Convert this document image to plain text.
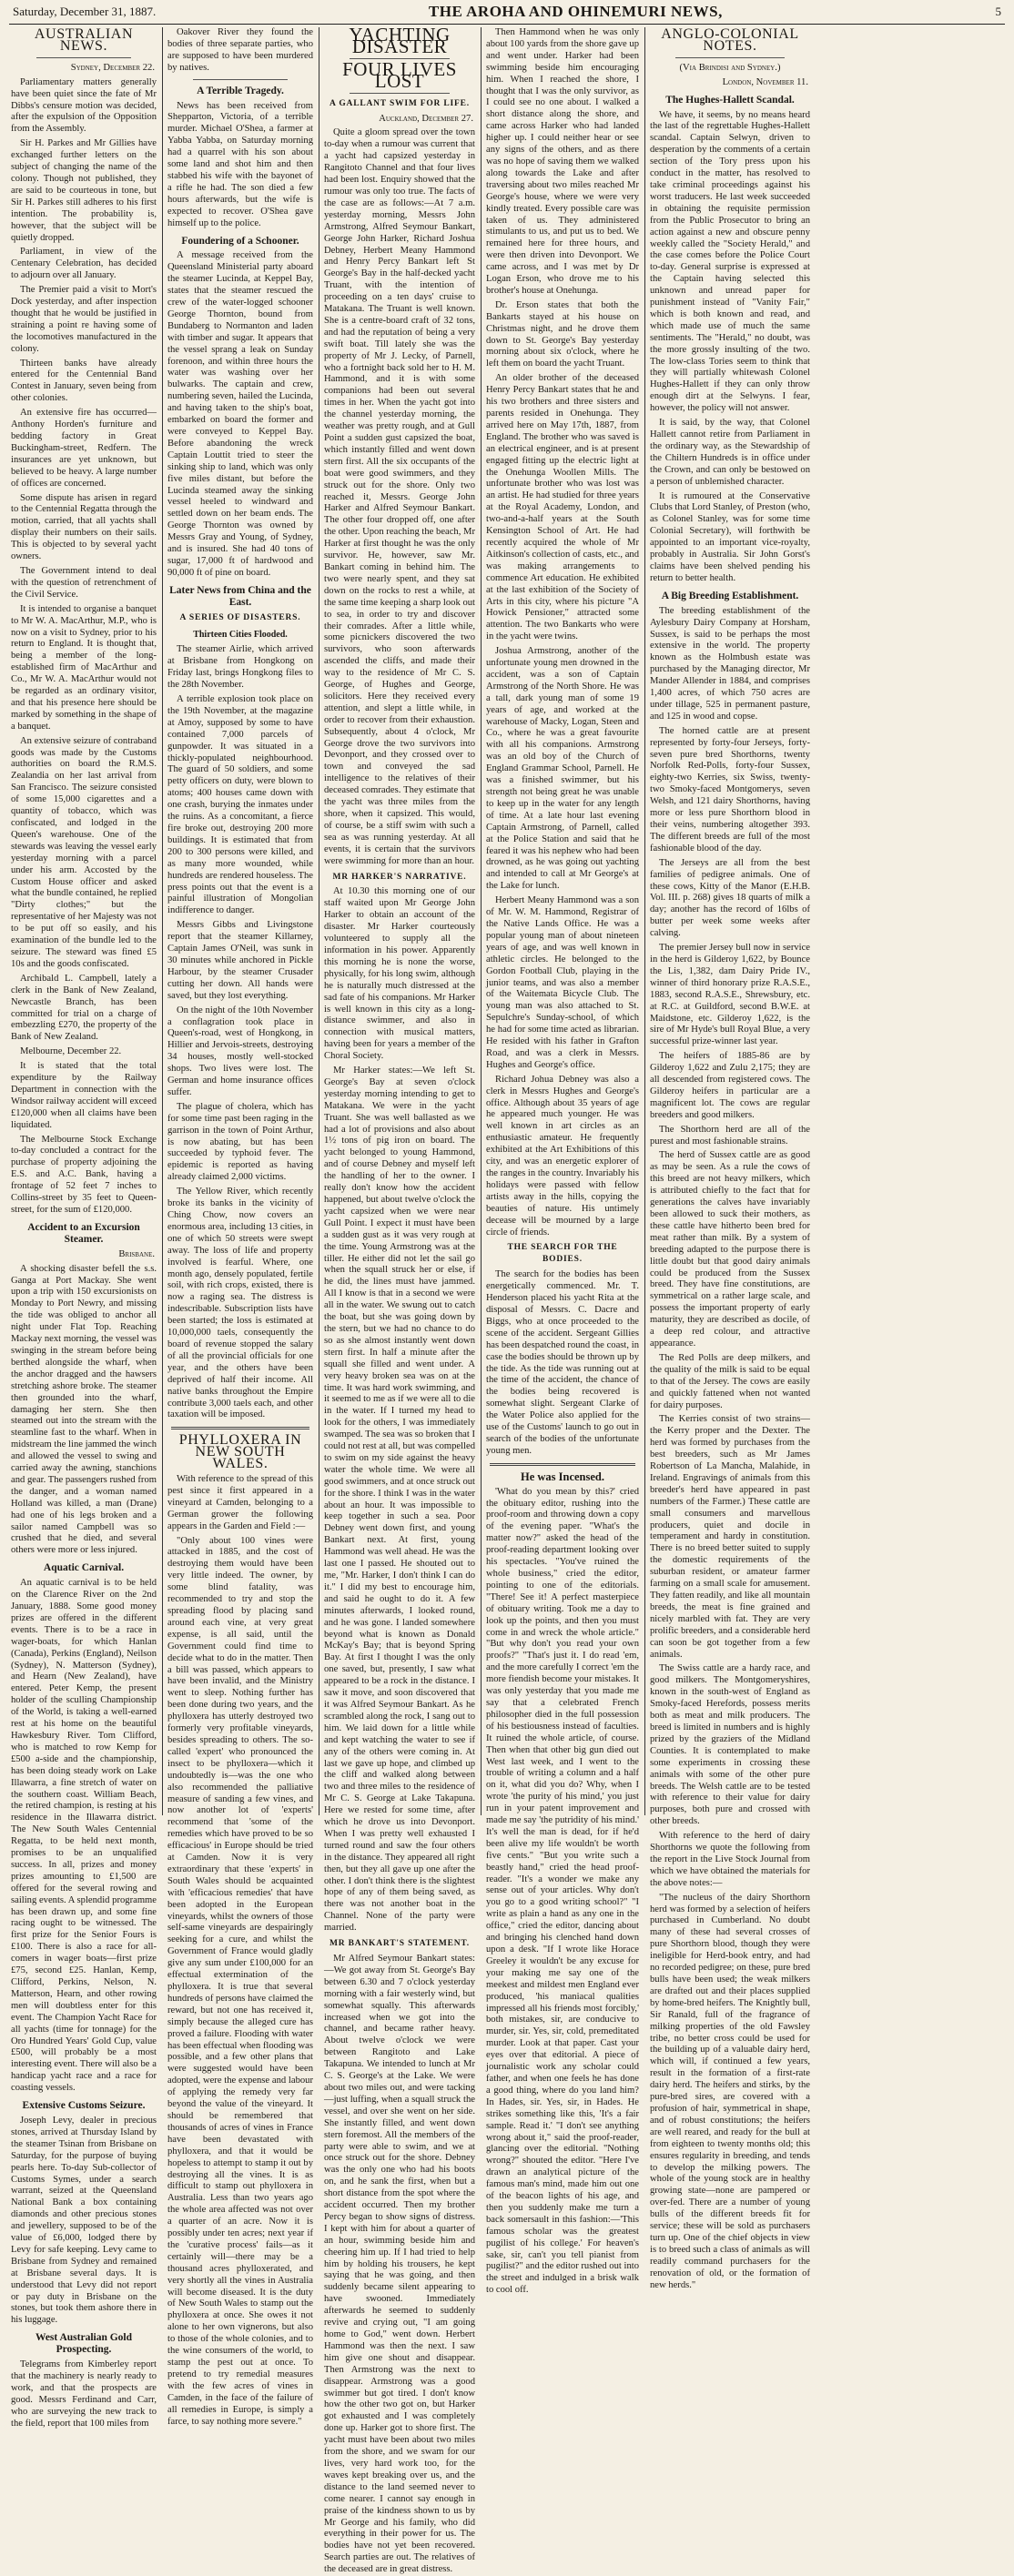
Saturday, December 31, 1887.	THE AROHA AND OHINEMURI NEWS,	5
AUSTRALIAN NEWS.
Sydney, December 22.

Parliamentary matters generally have been quiet since the fate of Mr Dibbs's censure motion was decided, after the expulsion of the Opposition from the Assembly.

Sir H. Parkes and Mr Gillies have exchanged further letters on the subject of changing the name of the colony. Though not published, they are said to be courteous in tone, but Sir H. Parkes still adheres to his first intention. The probability is, however, that the subject will be quietly dropped.

Parliament, in view of the Centenary Celebration, has decided to adjourn over all January.

The Premier paid a visit to Mort's Dock yesterday, and after inspection thought that he would be justified in straining a point re having some of the locomotives manufactured in the colony.

Thirteen banks have already entered for the Centennial Band Contest in January, seven being from other colonies.

An extensive fire has occurred—Anthony Horden's furniture and bedding factory in Great Buckingham-street, Redfern. The insurances are yet unknown, but believed to be heavy. A large number of offices are concerned.

Some dispute has arisen in regard to the Centennial Regatta through the motion, carried, that all yachts shall display their numbers on their sails. This is objected to by several yacht owners.

The Government intend to deal with the question of retrenchment of the Civil Service.

It is intended to organise a banquet to Mr W. A. MacArthur, M.P., who is now on a visit to Sydney, prior to his return to England. It is thought that, being a member of the long-established firm of MacArthur and Co., Mr W. A. MacArthur would not be regarded as an ordinary visitor, and that his presence here should be marked by something in the shape of a banquet.

An extensive seizure of contraband goods was made by the Customs authorities on board the R.M.S. Zealandia on her last arrival from San Francisco. The seizure consisted of some 15,000 cigarettes and a quantity of tobacco, which was confiscated, and lodged in the Queen's warehouse. One of the stewards was leaving the vessel early yesterday morning with a parcel under his arm. Accosted by the Custom House officer and asked what the bundle contained, he replied "Dirty clothes;" but the representative of her Majesty was not to be put off so easily, and his examination of the bundle led to the seizure. The steward was fined £5 10s and the goods confiscated.

Archibald L. Campbell, lately a clerk in the Bank of New Zealand, Newcastle Branch, has been committed for trial on a charge of embezzling £270, the property of the Bank of New Zealand.

Melbourne, December 22.

It is stated that the total expenditure by the Railway Department in connection with the Windsor railway accident will exceed £120,000 when all claims have been liquidated.

The Melbourne Stock Exchange to-day concluded a contract for the purchase of property adjoining the E.S. and A.C. Bank, having a frontage of 52 feet 7 inches to Collins-street by 35 feet to Queen-street, for the sum of £120,000.

Accident to an Excursion Steamer.
Brisbane.

A shocking disaster befell the s.s. Ganga at Port Mackay. She went upon a trip with 150 excursionists on Monday to Port Newry, and missing the tide was obliged to anchor all night under Flat Top. Reaching Mackay next morning, the vessel was swinging in the stream before being berthed alongside the wharf, when the anchor dragged and the hawsers stretching ashore broke. The steamer then grounded into the wharf, damaging her stern. She then steamed out into the stream with the steamline fast to the wharf. When in midstream the line jammed the winch and allowed the vessel to swing and carried away the awning, stanchions and gear. The passengers rushed from the danger, and a woman named Holland was killed, a man (Drane) had one of his legs broken and a sailor named Campbell was so crushed that he died, and several others were more or less injured.

Aquatic Carnival.

An aquatic carnival is to be held on the Clarence River on the 2nd January, 1888. Some good money prizes are offered in the different events. There is to be a race in wager-boats, for which Hanlan (Canada), Perkins (England), Neilson (Sydney), N. Matterson (Sydney), and Hearn (New Zealand), have entered. Peter Kemp, the present holder of the sculling Championship of the World, is taking a well-earned rest at his home on the beautiful Hawkesbury River. Tom Clifford, who is matched to row Kemp for £500 a-side and the championship, has been doing steady work on Lake Illawarra, a fine stretch of water on the southern coast. William Beach, the retired champion, is resting at his residence in the Illawarra district. The New South Wales Centennial Regatta, to be held next month, promises to be an unqualified success. In all, prizes and money prizes amounting to £1,500 are offered for the several rowing and sailing events. A splendid programme has been drawn up, and some fine racing ought to be witnessed. The first prize for the Senior Fours is £100. There is also a race for all-comers in wager boats—first prize £75, second £25. Hanlan, Kemp, Clifford, Perkins, Nelson, N. Matterson, Hearn, and other rowing men will doubtless enter for this event. The Champion Yacht Race for all yachts (time for tonnage) for the Oro Hundred Years' Gold Cup, value £500, will probably be a most interesting event. There will also be a handicap yacht race and a race for coasting vessels.

Extensive Customs Seizure.

Joseph Levy, dealer in precious stones, arrived at Thursday Island by the steamer Tsinan from Brisbane on Saturday, for the purpose of buying pearls here. To-day Sub-collector of Customs Symes, under a search warrant, seized at the Queensland National Bank a box containing diamonds and other precious stones and jewellery, supposed to be of the value of £6,000, lodged there by Levy for safe keeping. Levy came to Brisbane from Sydney and remained at Brisbane several days. It is understood that Levy did not report or pay duty in Brisbane on the stones, but took them ashore there in his luggage.

West Australian Gold Prospecting.

Telegrams from Kimberley report that the machinery is nearly ready to work, and that the prospects are good. Messrs Ferdinand and Carr, who are surveying the new track to the field, report that 100 miles from

Oakover River they found the bodies of three separate parties, who are supposed to have been murdered by natives.

A Terrible Tragedy.

News has been received from Shepparton, Victoria, of a terrible murder. Michael O'Shea, a farmer at Yabba Yabba, on Saturday morning had a quarrel with his son about some land and shot him and then stabbed his wife with the bayonet of a rifle he had. The son died a few hours afterwards, but the wife is expected to recover. O'Shea gave himself up to the police.

Foundering of a Schooner.

A message received from the Queensland Ministerial party aboard the steamer Lucinda, at Keppel Bay, states that the steamer rescued the crew of the water-logged schooner George Thornton, bound from Bundaberg to Normanton and laden with timber and sugar. It appears that the vessel sprang a leak on Sunday forenoon, and within three hours the water was washing over her bulwarks. The captain and crew, numbering seven, hailed the Lucinda, and having taken to the ship's boat, embarked on board the former and were conveyed to Keppel Bay. Before abandoning the wreck Captain Louttit tried to steer the sinking ship to land, which was only five miles distant, but before the Lucinda steamed away the sinking vessel heeled to windward and settled down on her beam ends. The George Thornton was owned by Messrs Gray and Young, of Sydney, and is insured. She had 40 tons of sugar, 17,000 ft of hardwood and 90,000 ft of pine on board.

Later News from China and the East.
A SERIES OF DISASTERS.
Thirteen Cities Flooded.

The steamer Airlie, which arrived at Brisbane from Hongkong on Friday last, brings Hongkong files to the 28th November.

A terrible explosion took place on the 19th November, at the magazine at Amoy, supposed by some to have contained 7,000 parcels of gunpowder. It was situated in a thickly-populated neighbourhood. The guard of 50 soldiers, and some petty officers on duty, were blown to atoms; 400 houses came down with one crash, burying the inmates under the ruins. As a concomitant, a fierce fire broke out, destroying 200 more buildings. It is estimated that from 200 to 300 persons were killed, and as many more wounded, while hundreds are rendered houseless. The press points out that the event is a painful illustration of Mongolian indifference to danger.

Messrs Gibbs and Livingstone report that the steamer Killarney, Captain James O'Neil, was sunk in 30 minutes while anchored in Pickle Harbour, by the steamer Crusader cutting her down. All hands were saved, but they lost everything.

On the night of the 10th November a conflagration took place in Queen's-road, west of Hongkong, in Hillier and Jervois-streets, destroying 34 houses, mostly well-stocked shops. Two lives were lost. The German and home insurance offices suffer.

The plague of cholera, which has for some time past been raging in the garrison in the town of Point Arthur, is now abating, but has been succeeded by typhoid fever. The epidemic is reported as having already claimed 2,000 victims.

The Yellow River, which recently broke its banks in the vicinity of Ching Chow, now covers an enormous area, including 13 cities, in one of which 50 streets were swept away. The loss of life and property involved is fearful. Where, one month ago, densely populated, fertile soil, with rich crops, existed, there is now a raging sea. The distress is indescribable. Subscription lists have been started; the loss is estimated at 10,000,000 taels, consequently the board of revenue stopped the salary of all the provincial officials for one year, and the others have been deprived of half their income. All native banks throughout the Empire contribute 3,000 taels each, and other taxation will be imposed.

PHYLLOXERA IN NEW SOUTH WALES.

With reference to the spread of this pest since it first appeared in a vineyard at Camden, belonging to a German grower the following appears in the Garden and Field :—

"Only about 100 vines were attacked in 1885, and the cost of destroying them would have been very little indeed. The owner, by some blind fatality, was recommended to try and stop the spreading flood by placing sand around each vine, at very great expense, is all said, until the Government could find time to decide what to do in the matter. Then a bill was passed, which appears to have been invalid, and the Ministry went to sleep. Nothing further has been done during two years, and the phylloxera has utterly destroyed two formerly very profitable vineyards, besides spreading to others. The so-called 'expert' who pronounced the insect to be phylloxera—which it undoubtedly is—was the one who also recommended the palliative measure of sanding a few vines, and now another lot of 'experts' recommend that 'some of the remedies which have proved to be so efficacious' in Europe should be tried at Camden. Now it is very extraordinary that these 'experts' in South Wales should be acquainted with 'efficacious remedies' that have been adopted in the European vineyards, whilst the owners of those self-same vineyards are despairingly seeking for a cure, and whilst the Government of France would gladly give any sum under £100,000 for an effectual extermination of the phylloxera. It is true that several hundreds of persons have claimed the reward, but not one has received it, simply because the alleged cure has proved a failure. Flooding with water has been effectual when flooding was possible, and a few other plans that were suggested would have been adopted, were the expense and labour of applying the remedy very far beyond the value of the vineyard. It should be remembered that thousands of acres of vines in France have been devastated with phylloxera, and that it would be hopeless to attempt to stamp it out by destroying all the vines. It is as difficult to stamp out phylloxera in Australia. Less than two years ago the whole area affected was not over a quarter of an acre. Now it is possibly under ten acres; next year if the 'curative process' fails—as it certainly will—there may be a thousand acres phylloxerated, and very shortly all the vines in Australia will become diseased. It is the duty of New South Wales to stamp out the phylloxera at once. She owes it not alone to her own vignerons, but also to those of the whole colonies, and to the wine consumers of the world, to stamp the pest out at once. To pretend to try remedial measures with the few acres of vines in Camden, in the face of the failure of all remedies in Europe, is simply a farce, to say nothing more severe."

YACHTING DISASTER
FOUR LIVES LOST
A GALLANT SWIM FOR LIFE.
Auckland, December 27.

Quite a gloom spread over the town to-day when a rumour was current that a yacht had capsized yesterday in Rangitoto Channel and that four lives had been lost. Enquiry showed that the rumour was only too true. The facts of the case are as follows:—At 7 a.m. yesterday morning, Messrs John Armstrong, Alfred Seymour Bankart, George John Harker, Richard Joshua Debney, Herbert Meany Hammond and Henry Percy Bankart left St George's Bay in the half-decked yacht Truant, with the intention of proceeding on a ten days' cruise to Matakana. The Truant is well known. She is a centre-board craft of 32 tons, and had the reputation of being a very swift boat. Till lately she was the property of Mr J. Lecky, of Parnell, who a fortnight back sold her to H. M. Hammond, and it is with some companions had been out several times in her. When the yacht got into the channel yesterday morning, the weather was pretty rough, and at Gull Point a sudden gust capsized the boat, which instantly filled and went down stern first. All the six occupants of the boat were good swimmers, and they struck out for the shore. Only two reached it, Messrs. George John Harker and Alfred Seymour Bankart. The other four dropped off, one after the other. Upon reaching the beach, Mr Harker at first thought he was the only survivor. He, however, saw Mr. Bankart coming in behind him. The two were nearly spent, and they sat down on the rocks to rest a while, at the same time keeping a sharp look out to sea, in order to try and discover their comrades. After a little while, some picnickers discovered the two survivors, who soon afterwards ascended the cliffs, and made their way to the residence of Mr C. S. George, of Hughes and George, solicitors. Here they received every attention, and slept a little while, in order to recover from their exhaustion. Subsequently, about 4 o'clock, Mr George drove the two survivors into Devonport, and they crossed over to town and conveyed the sad intelligence to the relatives of their deceased comrades. They estimate that the yacht was three miles from the shore, when it capsized. This would, of course, be a stiff swim with such a sea as was running yesterday. At all events, it is certain that the survivors were swimming for more than an hour.

MR HARKER'S NARRATIVE.

At 10.30 this morning one of our staff waited upon Mr George John Harker to obtain an account of the disaster. Mr Harker courteously volunteered to supply all the information in his power. Apparently this morning he is none the worse, physically, for his long swim, although he is naturally much distressed at the sad fate of his companions. Mr Harker is well known in this city as a long-distance swimmer, and also in connection with musical matters, having been for years a member of the Choral Society.

Mr Harker states:—We left St. George's Bay at seven o'clock yesterday morning intending to get to Matakana. We were in the yacht Truant. She was well ballasted as we had a lot of provisions and also about 1½ tons of pig iron on board. The yacht belonged to young Hammond, and of course Debney and myself left the handling of her to the owner. I really don't know how the accident happened, but about twelve o'clock the yacht capsized when we were near Gull Point. I expect it must have been a sudden gust as it was very rough at the time. Young Armstrong was at the tiller. He either did not let the sail go when the squall struck her or else, if he did, the lines must have jammed. All I know is that in a second we were all in the water. We swung out to catch the boat, but she was going down by the stern, but we had no chance to do so as she almost instantly went down stern first. In half a minute after the squall she filled and went under. A very heavy broken sea was on at the time. It was hard work swimming, and it seemed to me as if we were all to die in the water. If I turned my head to look for the others, I was immediately swamped. The sea was so broken that I could not rest at all, but was compelled to swim on my side against the heavy water the whole time. We were all good swimmers, and at once struck out for the shore. I think I was in the water about an hour. It was impossible to keep together in such a sea. Poor Debney went down first, and young Bankart next. At first, young Hammond was well ahead. He was the last one I passed. He shouted out to me, "Mr. Harker, I don't think I can do it." I did my best to encourage him, and said he ought to do it. A few minutes afterwards, I looked round, and he was gone. I landed somewhere beyond what is known as Donald McKay's Bay; that is beyond Spring Bay. At first I thought I was the only one saved, but, presently, I saw what appeared to be a rock in the distance. I saw it move, and soon discovered that it was Alfred Seymour Bankart. As he scrambled along the rock, I sang out to him. We laid down for a little while and kept watching the water to see if any of the others were coming in. At last we gave up hope, and climbed up the cliff and walked along between two and three miles to the residence of Mr C. S. George at Lake Takapuna. Here we rested for some time, after which he drove us into Devonport. When I was pretty well exhausted I turned round and saw the four others in the distance. They appeared all right then, but they all gave up one after the other. I don't think there is the slightest hope of any of them being saved, as there was not another boat in the Channel. None of the party were married.

MR BANKART'S STATEMENT.

Mr Alfred Seymour Bankart states:—We got away from St. George's Bay between 6.30 and 7 o'clock yesterday morning with a fair westerly wind, but somewhat squally. This afterwards increased when we got into the channel, and became rather heavy. About twelve o'clock we were between Rangitoto and Lake Takapuna. We intended to lunch at Mr C. S. George's at the Lake. We were about two miles out, and were tacking—just luffing, when a squall struck the vessel, and over she went on her side. She instantly filled, and went down stern foremost. All the members of the party were able to swim, and we at once struck out for the shore. Debney was the only one who had his boots on, and he sank the first, when but a short distance from the spot where the accident occurred. Then my brother Percy began to show signs of distress. I kept with him for about a quarter of an hour, swimming beside him and cheering him up. If I had tried to help him by holding his trousers, he kept saying that he was going, and then suddenly became silent appearing to have swooned. Immediately afterwards he seemed to suddenly revive and crying out, "I am going home to God," went down. Herbert Hammond was then the next. I saw him give one shout and disappear. Then Armstrong was the next to disappear. Armstrong was a good swimmer but got tired. I don't know how the other two got on, but Harker got exhausted and I was completely done up. Harker got to shore first. The yacht must have been about two miles from the shore, and we swam for our lives, very hard work too, for the waves kept breaking over us, and the distance to the land seemed never to come nearer. I cannot say enough in praise of the kindness shown to us by Mr George and his family, who did everything in their power for us. The bodies have not yet been recovered. Search parties are out. The relatives of the deceased are in great distress.

Then Hammond when he was only about 100 yards from the shore gave up and went under. Harker had been swimming beside him encouraging him. When I reached the shore, I thought that I was the only survivor, as I could see no one about. I walked a short distance along the shore, and came across Harker who had landed higher up. I could neither hear or see any signs of the others, and as there was no hope of saving them we walked along towards the Lake and after traversing about two miles reached Mr George's house, where we were very kindly treated. Every possible care was taken of us. They administered stimulants to us, and put us to bed. We remained here for three hours, and were then driven into Devonport. We came across, and I was met by Dr Logan Erson, who drove me to his brother's house at Onehunga.

Dr. Erson states that both the Bankarts stayed at his house on Christmas night, and he drove them down to St. George's Bay yesterday morning about six o'clock, where he left them on board the yacht Truant.

An older brother of the deceased Henry Percy Bankart states that he and his two brothers and three sisters and parents resided in Onehunga. They arrived here on May 17th, 1887, from England. The brother who was saved is an electrical engineer, and is at present engaged fitting up the electric light at the Onehunga Woollen Mills. The unfortunate brother who was lost was an artist. He had studied for three years at the Royal Academy, London, and two-and-a-half years at the South Kensington School of Art. He had recently acquired the whole of Mr Aitkinson's collection of casts, etc., and was making arrangements to commence Art education. He exhibited at the last exhibition of the Society of Arts in this city, where his picture "A Howick Pensioner," attracted some attention. The two Bankarts who were in the yacht were twins.

Joshua Armstrong, another of the unfortunate young men drowned in the accident, was a son of Captain Armstrong of the North Shore. He was a tall, dark young man of some 19 years of age, and worked at the warehouse of Macky, Logan, Steen and Co., where he was a great favourite with all his companions. Armstrong was an old boy of the Church of England Grammar School, Parnell. He was a finished swimmer, but his strength not being great he was unable to keep up in the water for any length of time. At a late hour last evening Captain Armstrong, of Parnell, called at the Police Station and said that he feared it was his nephew who had been drowned, as he was going out yachting and intended to call at Mr George's at the Lake for lunch.

Herbert Meany Hammond was a son of Mr. W. M. Hammond, Registrar of the Native Lands Office. He was a popular young man of about nineteen years of age, and was well known in athletic circles. He belonged to the Gordon Football Club, playing in the junior teams, and was also a member of the Waitemata Bicycle Club. The young man was also attached to St. Sepulchre's Sunday-school, of which he had for some time acted as librarian. He resided with his father in Grafton Road, and was a clerk in Messrs. Hughes and George's office.

Richard Johua Debney was also a clerk in Messrs Hughes and George's office. Although about 35 years of age he appeared much younger. He was well known in art circles as an enthusiastic amateur. He frequently exhibited at the Art Exhibitions of this city, and was an energetic explorer of the ranges in the country. Invariably his holidays were passed with fellow artists away in the hills, copying the beauties of nature. His untimely decease will be mourned by a large circle of friends.

THE SEARCH FOR THE BODIES.

The search for the bodies has been energetically commenced. Mr. T. Henderson placed his yacht Rita at the disposal of Messrs. C. Dacre and Biggs, who at once proceeded to the scene of the accident. Sergeant Gillies has been despatched round the coast, in case the bodies should be thrown up by the tide. As the tide was running out at the time of the accident, the chance of the bodies being recovered is somewhat slight. Sergeant Clarke of the Water Police also applied for the use of the Customs' launch to go out in search of the bodies of the unfortunate young men.

He was Incensed.

'What do you mean by this?' cried the obituary editor, rushing into the proof-room and throwing down a copy of the evening paper. "What's the matter now?" asked the head of the proof-reading department looking over his spectacles. "You've ruined the whole business," cried the editor, pointing to one of the editorials. "There! See it! A perfect masterpiece of obituary writing. Took me a day to look up the points, and then you must come in and wreck the whole article." "But why don't you read your own proofs?" "That's just it. I do read 'em, and the more carefully I correct 'em the more fiendish become your mistakes. It was only yesterday that you made me say that a celebrated French philosopher died in the full possession of his bestiousness instead of faculties. It ruined the whole article, of course. Then when that other big gun died out West last week, and I went to the trouble of writing a column and a half on it, what did you do? Why, when I wrote 'the purity of his mind,' you just run in your patent improvement and made me say 'the putridity of his mind.' It's well the man is dead, for if he'd been alive my life wouldn't be worth five cents." "But you write such a beastly hand," cried the head proof-reader. "It's a wonder we make any sense out of your articles. Why don't you go to a good writing school?" "I write as plain a hand as any one in the office," cried the editor, dancing about and bringing his clenched hand down upon a desk. "If I wrote like Horace Greeley it wouldn't be any excuse for your making me say one of the meekest and mildest men England ever produced, 'his maniacal qualities impressed all his friends most forcibly,' both mistakes, sir, are conducive to murder, sir. Yes, sir, cold, premeditated murder. Look at that paper. Cast your eyes over that editorial. A piece of journalistic work any scholar could father, and when one feels he has done a good thing, where do you land him? In Hades, sir. Yes, sir, in Hades. He strikes something like this, 'It's a fair sample. Read it.' "I don't see anything wrong about it," said the proof-reader, glancing over the editorial. "Nothing wrong?" shouted the editor. "Here I've drawn an analytical picture of the famous man's mind, made him out one of the beacon lights of his age, and then you suddenly make me turn a back somersault in this fashion:—'This famous scholar was the greatest pugilist of his college.' For heaven's sake, sir, can't you tell pianist from pugilist?" and the editor rushed out into the street and indulged in a brisk walk to cool off.

ANGLO-COLONIAL NOTES.
(Via Brindisi and Sydney.)
London, November 11.
The Hughes-Hallett Scandal.

We have, it seems, by no means heard the last of the regrettable Hughes-Hallett scandal. Captain Selwyn, driven to desperation by the comments of a certain section of the Tory press upon his conduct in the matter, has resolved to take criminal proceedings against his worst traducers. He last week succeeded in obtaining the requisite permission from the Public Prosecutor to bring an action against a new and obscure penny weekly called the "Society Herald," and the case comes before the Police Court to-day. General surprise is expressed at the Captain having selected this unknown and unread paper for punishment instead of "Vanity Fair," which is both known and read, and which made use of much the same sentiments. The "Herald," no doubt, was the more grossly insulting of the two. The low-class Tories seem to think that they will partially whitewash Colonel Hughes-Hallett if they can only throw enough dirt at the Selwyns. I fear, however, the policy will not answer.

It is said, by the way, that Colonel Hallett cannot retire from Parliament in the ordinary way, as the Stewardship of the Chiltern Hundreds is in office under the Crown, and can only be bestowed on a person of unblemished character.

It is rumoured at the Conservative Clubs that Lord Stanley, of Preston (who, as Colonel Stanley, was for some time Colonial Secretary), will forthwith be appointed to an important vice-royalty, probably in Australia. Sir John Gorst's claims have been shelved pending his return to better health.

A Big Breeding Establishment.

The breeding establishment of the Aylesbury Dairy Company at Horsham, Sussex, is said to be perhaps the most extensive in the world. The property known as the Holmbush estate was purchased by the Managing director, Mr Mander Allender in 1884, and comprises 1,400 acres, of which 750 acres are under tillage, 525 in permanent pasture, and 125 in wood and copse.

The horned cattle are at present represented by forty-four Jerseys, forty-seven pure bred Shorthorns, twenty Norfolk Red-Polls, forty-four Sussex, eighty-two Kerries, six Swiss, twenty-two Smoky-faced Montgomerys, seven Welsh, and 121 dairy Shorthorns, having more or less pure Shorthorn blood in their veins, numbering altogether 393. The different breeds are full of the most fashionable blood of the day.

The Jerseys are all from the best families of pedigree animals. One of these cows, Kitty of the Manor (E.H.B. Vol. III. p. 268) gives 18 quarts of milk a day; another has the record of 16lbs of butter per week some weeks after calving.

The premier Jersey bull now in service in the herd is Gilderoy 1,622, by Bounce the Lis, 1,382, dam Dairy Pride IV., winner of third honorary prize R.A.S.E., 1883, second R.A.S.E., Shrewsbury, etc. at R.C. at Guildford, second B.W.E. at Maidstone, etc. Gilderoy 1,622, is the sire of Mr Hyde's bull Royal Blue, a very successful prize-winner last year.

The heifers of 1885-86 are by Gilderoy 1,622 and Zulu 2,175; they are all descended from registered cows. The Gilderoy heifers in particular are a magnificent lot. The cows are regular breeders and good milkers.

The Shorthorn herd are all of the purest and most fashionable strains.

The herd of Sussex cattle are as good as may be seen. As a rule the cows of this breed are not heavy milkers, which is attributed chiefly to the fact that for generations the calves have invariably been allowed to suck their mothers, as these cattle have hitherto been bred for meat rather than milk. By a system of breeding adapted to the purpose there is little doubt but that good dairy animals could be produced from the Sussex breed. They have fine constitutions, are symmetrical on a rather large scale, and possess the important property of early maturity, they are described as docile, of a deep red colour, and attractive appearance.

The Red Polls are deep milkers, and the quality of the milk is said to be equal to that of the Jersey. The cows are easily and quickly fattened when not wanted for dairy purposes.

The Kerries consist of two strains—the Kerry proper and the Dexter. The herd was formed by purchases from the best breeders, such as Mr James Robertson of La Mancha, Malahide, in Ireland. Engravings of animals from this breeder's herd have appeared in past numbers of the Farmer.) These cattle are small consumers and marvellous producers, quiet and docile in temperament and hardy in constitution. There is no breed better suited to supply the domestic requirements of the suburban resident, or amateur farmer farming on a small scale for amusement. They fatten readily, and like all mountain breeds, the meat is fine grained and nicely marbled with fat. They are very prolific breeders, and a considerable herd can soon be got together from a few animals.

The Swiss cattle are a hardy race, and good milkers. The Montgomeryshires, known in the south-west of England as Smoky-faced Herefords, possess merits both as meat and milk producers. The breed is limited in numbers and is highly prized by the graziers of the Midland Counties. It is contemplated to make some experiments in crossing these animals with some of the other pure breeds. The Welsh cattle are to be tested with reference to their value for dairy purposes, both pure and crossed with other breeds.

With reference to the herd of dairy Shorthorns we quote the following from the report in the Live Stock Journal from which we have obtained the materials for the above notes:—

"The nucleus of the dairy Shorthorn herd was formed by a selection of heifers purchased in Cumberland. No doubt many of these had several crosses of pure Shorthorn blood, though they were ineligible for Herd-book entry, and had no recorded pedigree; on these, pure bred bulls have been used; the weak milkers are drafted out and their places supplied by home-bred heifers. The Knightly bull, Sir Ranald, full of the fragrance of milking properties of the old Fawsley tribe, no better cross could be used for the building up of a valuable dairy herd, which will, if continued a few years, result in the formation of a first-rate dairy herd. The heifers and stirks, by the pure-bred sires, are covered with a profusion of hair, symmetrical in shape, and of robust constitutions; the heifers are well reared, and ready for the bull at from eighteen to twenty months old; this ensures regularity in breeding, and tends to develop the milking powers. The whole of the young stock are in healthy growing state—none are pampered or over-fed. There are a number of young bulls of the different breeds fit for service; these will be sold as purchasers turn up. One of the chief objects in view is to breed such a class of animals as will readily command purchasers for the renovation of old, or the formation of new herds."
